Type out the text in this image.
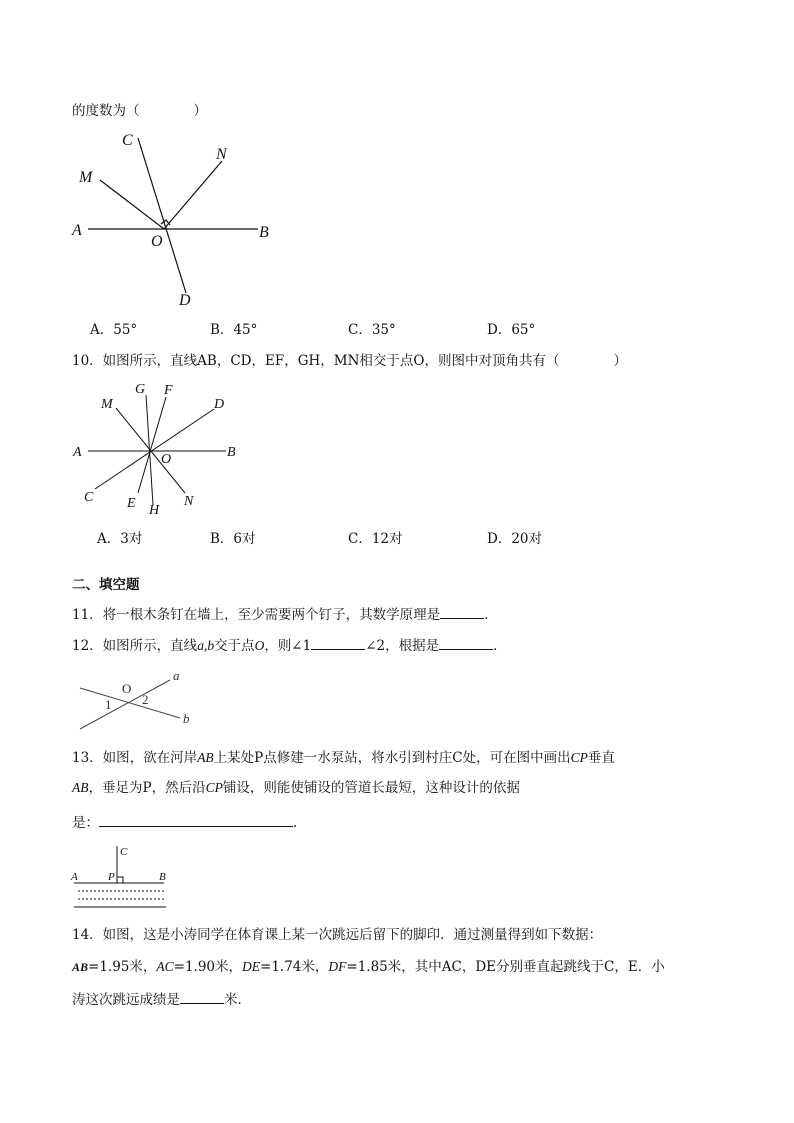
的度数为（　　　　）
C
N
M
A
O
B
D
A．55°	B．45°	C．35°	D．65°
10．如图所示，直线AB，CD，EF，GH，MN相交于点O，则图中对顶角共有（　　　　）
G F
M	D
A	O	B
C E H
N
A．3对	B．6对	C．12对	D．20对
二、填空题
11．将一根木条钉在墙上，至少需要两个钉子，其数学原理是	．
12．如图所示，直线a,b交于点O，则∠1	∠2，根据是	．
a
b
O
1 2
13．如图，欲在河岸AB上某处P点修建一水泵站，将水引到村庄C处，可在图中画出CP垂直
AB，垂足为P，然后沿CP铺设，则能使铺设的管道长最短，这种设计的依据
是：	．
C
A	P	B
14．如图，这是小涛同学在体育课上某一次跳远后留下的脚印．通过测量得到如下数据：
AB=1.95米，AC=1.90米，DE=1.74米，DF=1.85米，其中AC，DE分别垂直起跳线于C，E．小
涛这次跳远成绩是	米．
